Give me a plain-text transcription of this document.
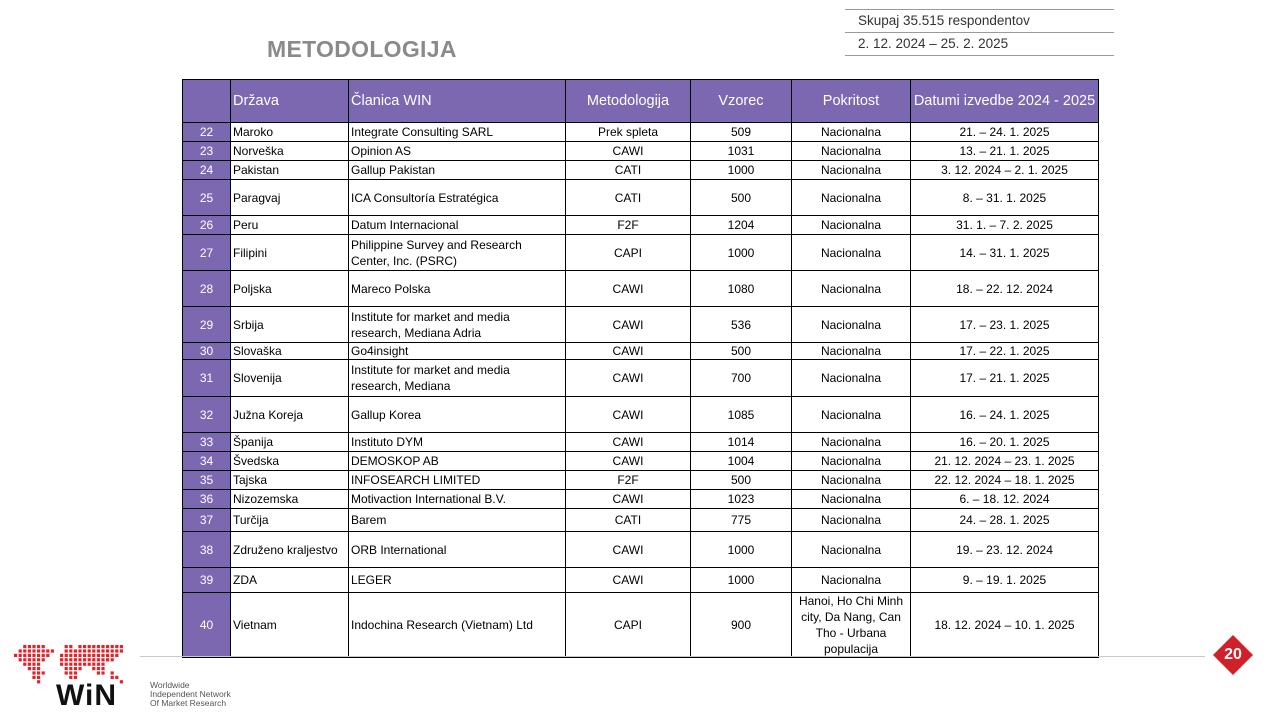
METODOLOGIJA
Skupaj 35.515 respondentov
2. 12. 2024 – 25. 2. 2025
	Država	Članica WIN	Metodologija	Vzorec	Pokritost	Datumi izvedbe 2024 - 2025
22	Maroko	Integrate Consulting SARL	Prek spleta	509	Nacionalna	21. – 24. 1. 2025
23	Norveška	Opinion AS	CAWI	1031	Nacionalna	13. – 21. 1. 2025
24	Pakistan	Gallup Pakistan	CATI	1000	Nacionalna	3. 12. 2024 – 2. 1. 2025
25	Paragvaj	ICA Consultoría Estratégica	CATI	500	Nacionalna	8. – 31. 1. 2025
26	Peru	Datum Internacional	F2F	1204	Nacionalna	31. 1. – 7. 2. 2025
27	Filipini	Philippine Survey and Research Center, Inc. (PSRC)	CAPI	1000	Nacionalna	14. – 31. 1. 2025
28	Poljska	Mareco Polska	CAWI	1080	Nacionalna	18. – 22. 12. 2024
29	Srbija	Institute for market and media research, Mediana Adria	CAWI	536	Nacionalna	17. – 23. 1. 2025
30	Slovaška	Go4insight	CAWI	500	Nacionalna	17. – 22. 1. 2025
31	Slovenija	Institute for market and media research, Mediana	CAWI	700	Nacionalna	17. – 21. 1. 2025
32	Južna Koreja	Gallup Korea	CAWI	1085	Nacionalna	16. – 24. 1. 2025
33	Španija	Instituto DYM	CAWI	1014	Nacionalna	16. – 20. 1. 2025
34	Švedska	DEMOSKOP AB	CAWI	1004	Nacionalna	21. 12. 2024 – 23. 1. 2025
35	Tajska	INFOSEARCH LIMITED	F2F	500	Nacionalna	22. 12. 2024 – 18. 1. 2025
36	Nizozemska	Motivaction International B.V.	CAWI	1023	Nacionalna	6. – 18. 12. 2024
37	Turčija	Barem	CATI	775	Nacionalna	24. – 28. 1. 2025
38	Združeno kraljestvo	ORB International	CAWI	1000	Nacionalna	19. – 23. 12. 2024
39	ZDA	LEGER	CAWI	1000	Nacionalna	9. – 19. 1. 2025
40	Vietnam	Indochina Research (Vietnam) Ltd	CAPI	900	Hanoi, Ho Chi Minh city, Da Nang, Can Tho - Urbana populacija	18. 12. 2024 – 10. 1. 2025
WiN	Worldwide
Independent Network
Of Market Research
20
